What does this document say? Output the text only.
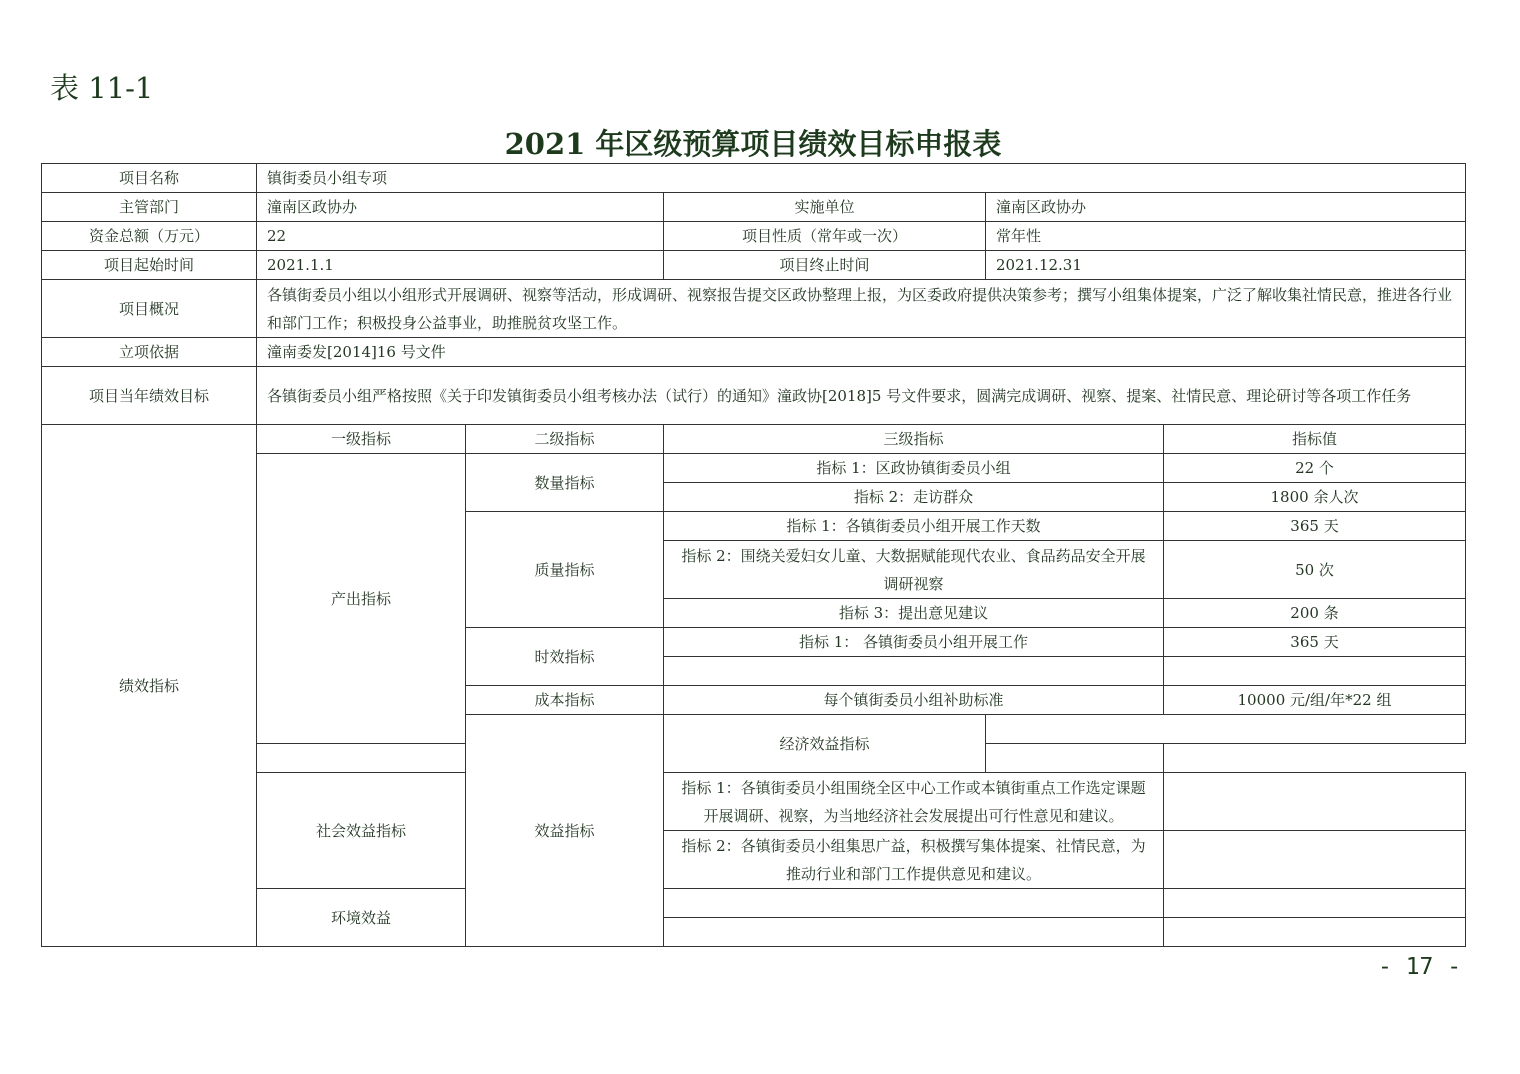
表 11-1
2021 年区级预算项目绩效目标申报表
项目名称	镇街委员小组专项					
主管部门	潼南区政协办		实施单位	潼南区政协办		
资金总额（万元）	22		项目性质（常年或一次）	常年性		
项目起始时间	2021.1.1		项目终止时间	2021.12.31		
项目概况	各镇街委员小组以小组形式开展调研、视察等活动，形成调研、视察报告提交区政协整理上报，为区委政府提供决策参考；撰写小组集体提案，广泛了解收集社情民意，推进各行业和部门工作；积极投身公益事业，助推脱贫攻坚工作。					
立项依据	潼南委发[2014]16 号文件					
项目当年绩效目标	各镇街委员小组严格按照《关于印发镇街委员小组考核办法（试行）的通知》潼政协[2018]5 号文件要求，圆满完成调研、视察、提案、社情民意、理论研讨等各项工作任务					
绩效指标	一级指标	二级指标	三级指标		指标值	
	产出指标	数量指标	指标 1：区政协镇街委员小组		22 个	
			指标 2：走访群众		1800 余人次	
		质量指标	指标 1：各镇街委员小组开展工作天数		365 天	
			指标 2：围绕关爱妇女儿童、大数据赋能现代农业、食品药品安全开展调研视察		50 次	
			指标 3：提出意见建议		200 条	
		时效指标	指标 1： 各镇街委员小组开展工作		365 天	

		成本指标	每个镇街委员小组补助标准		10000 元/组/年*22 组	
		效益指标	经济效益指标			

	社会效益指标		指标 1：各镇街委员小组围绕全区中心工作或本镇街重点工作选定课题开展调研、视察，为当地经济社会发展提出可行性意见和建议。			
			指标 2：各镇街委员小组集思广益，积极撰写集体提案、社情民意，为推动行业和部门工作提供意见和建议。			
	环境效益					

- 17 -
